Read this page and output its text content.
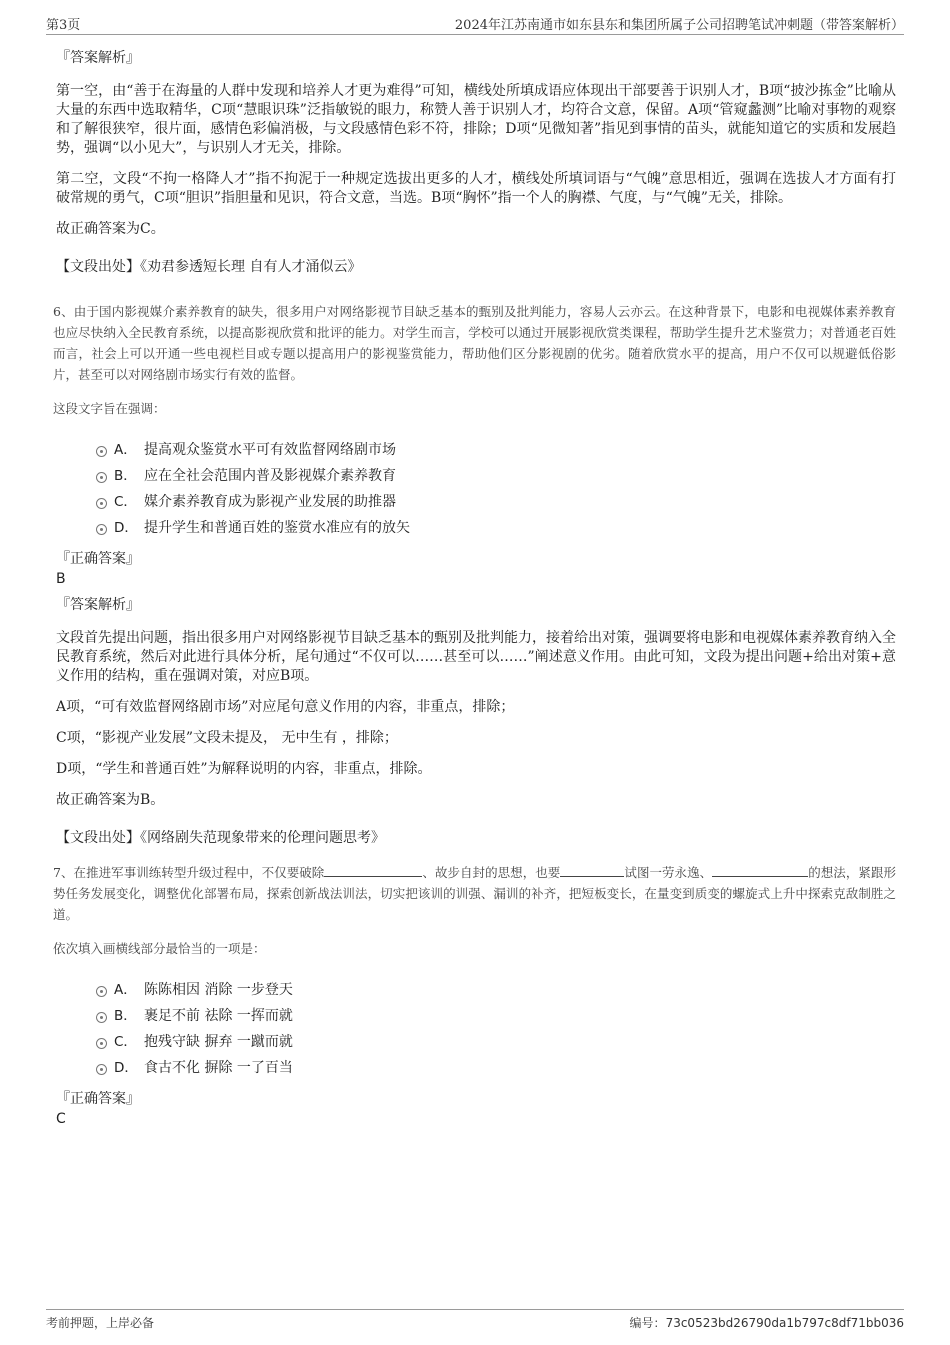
第3页	2024年江苏南通市如东县东和集团所属子公司招聘笔试冲刺题（带答案解析）
『答案解析』

第一空，由“善于在海量的人群中发现和培养人才更为难得”可知，横线处所填成语应体现出干部要善于识别人才，B项“披沙拣金”比喻从大量的东西中选取精华，C项“慧眼识珠”泛指敏锐的眼力，称赞人善于识别人才，均符合文意，保留。A项“管窥蠡测”比喻对事物的观察和了解很狭窄，很片面，感情色彩偏消极，与文段感情色彩不符，排除；D项“见微知著”指见到事情的苗头，就能知道它的实质和发展趋势，强调“以小见大”，与识别人才无关，排除。

第二空，文段“不拘一格降人才”指不拘泥于一种规定选拔出更多的人才，横线处所填词语与“气魄”意思相近，强调在选拔人才方面有打破常规的勇气，C项“胆识”指胆量和见识，符合文意，当选。B项“胸怀”指一个人的胸襟、气度，与“气魄”无关，排除。

故正确答案为C。

【文段出处】《劝君参透短长理 自有人才涌似云》

6、由于国内影视媒介素养教育的缺失，很多用户对网络影视节目缺乏基本的甄别及批判能力，容易人云亦云。在这种背景下，电影和电视媒体素养教育也应尽快纳入全民教育系统，以提高影视欣赏和批评的能力。对学生而言，学校可以通过开展影视欣赏类课程，帮助学生提升艺术鉴赏力；对普通老百姓而言，社会上可以开通一些电视栏目或专题以提高用户的影视鉴赏能力，帮助他们区分影视剧的优劣。随着欣赏水平的提高，用户不仅可以规避低俗影片，甚至可以对网络剧市场实行有效的监督。

这段文字旨在强调：

A． 提高观众鉴赏水平可有效监督网络剧市场
B． 应在全社会范围内普及影视媒介素养教育
C． 媒介素养教育成为影视产业发展的助推器
D． 提升学生和普通百姓的鉴赏水准应有的放矢
『正确答案』

B

『答案解析』

文段首先提出问题，指出很多用户对网络影视节目缺乏基本的甄别及批判能力，接着给出对策，强调要将电影和电视媒体素养教育纳入全民教育系统，然后对此进行具体分析，尾句通过“不仅可以……甚至可以……”阐述意义作用。由此可知，文段为提出问题+给出对策+意义作用的结构，重在强调对策，对应B项。

A项，“可有效监督网络剧市场”对应尾句意义作用的内容，非重点，排除；

C项，“影视产业发展”文段未提及， 无中生有 ，排除；

D项，“学生和普通百姓”为解释说明的内容，非重点，排除。

故正确答案为B。

【文段出处】《网络剧失范现象带来的伦理问题思考》

7、在推进军事训练转型升级过程中，不仅要破除	、故步自封的思想，也要	试图一劳永逸、	的想法，紧跟形势任务发展变化，调整优化部署布局，探索创新战法训法，切实把该训的训强、漏训的补齐，把短板变长，在量变到质变的螺旋式上升中探索克敌制胜之道。

依次填入画横线部分最恰当的一项是：

A． 陈陈相因 消除 一步登天
B． 裹足不前 祛除 一挥而就
C． 抱残守缺 摒弃 一蹴而就
D． 食古不化 摒除 一了百当
『正确答案』

C

考前押题，上岸必备	编号：73c0523bd26790da1b797c8df71bb036
